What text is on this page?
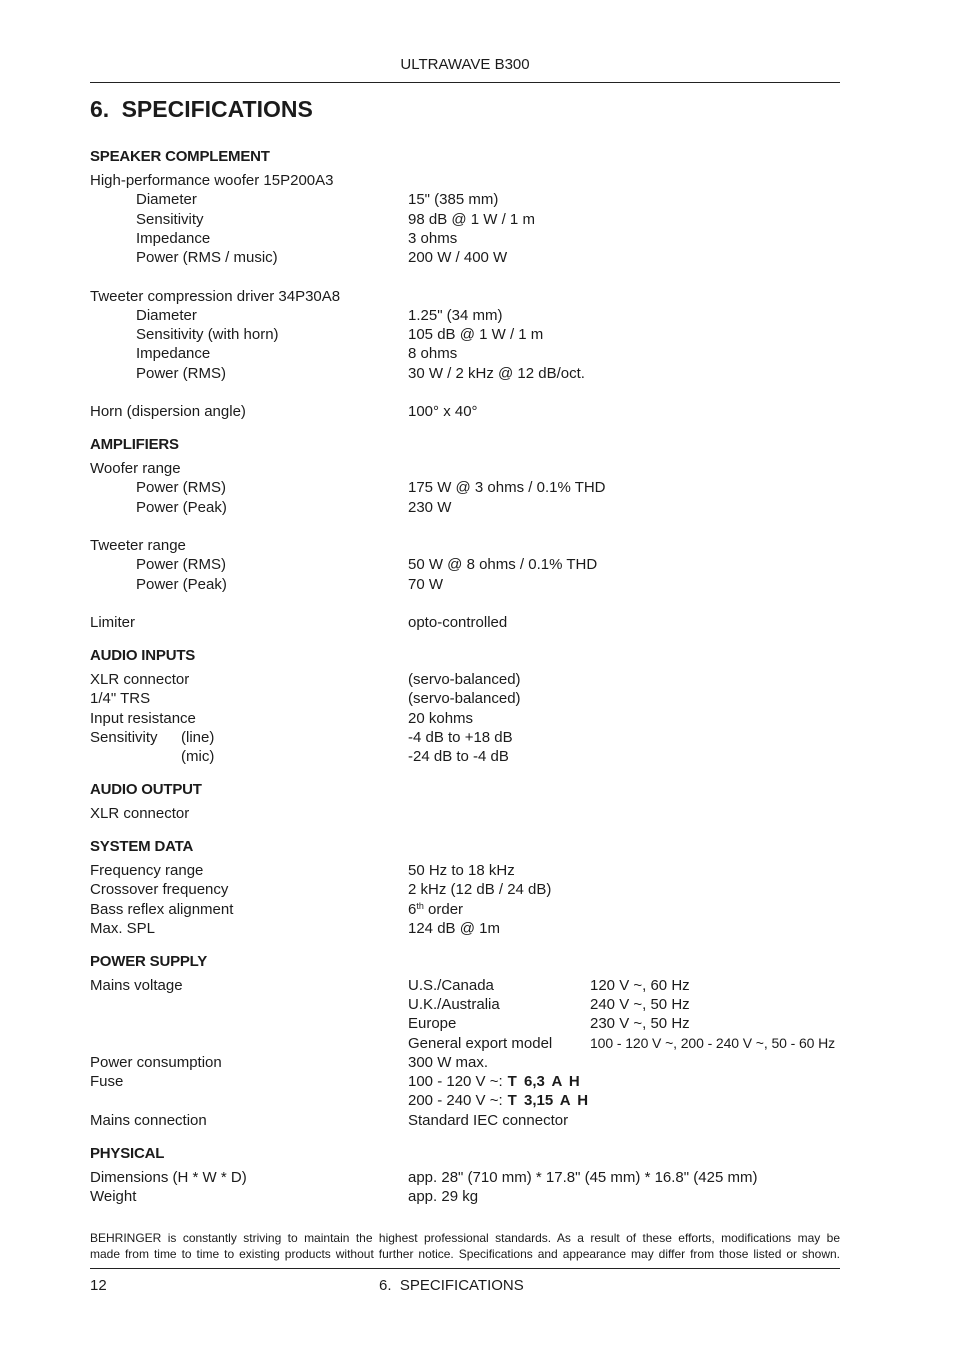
ULTRAWAVE B300
6. SPECIFICATIONS
SPEAKER COMPLEMENT
High-performance woofer 15P200A3
Diameter	15" (385 mm)
Sensitivity	98 dB @ 1 W / 1 m
Impedance	3 ohms
Power (RMS / music)	200 W / 400 W
Tweeter compression driver 34P30A8
Diameter	1.25" (34 mm)
Sensitivity (with horn)	105 dB @ 1 W / 1 m
Impedance	8 ohms
Power (RMS)	30 W / 2 kHz @ 12 dB/oct.
Horn (dispersion angle)	100° x 40°
AMPLIFIERS
Woofer range
Power (RMS)	175 W @ 3 ohms / 0.1% THD
Power (Peak)	230 W
Tweeter range
Power (RMS)	50 W @ 8 ohms / 0.1% THD
Power (Peak)	70 W
Limiter	opto-controlled
AUDIO INPUTS
XLR connector	(servo-balanced)
1/4" TRS	(servo-balanced)
Input resistance	20 kohms
Sensitivity (line)	-4 dB to +18 dB
(mic)	-24 dB to -4 dB
AUDIO OUTPUT
XLR connector
SYSTEM DATA
Frequency range	50 Hz to 18 kHz
Crossover frequency	2 kHz (12 dB / 24 dB)
Bass reflex alignment	6th order
Max. SPL	124 dB @ 1m
POWER SUPPLY
Mains voltage	U.S./Canada	120 V ~, 60 Hz
U.K./Australia	240 V ~, 50 Hz
Europe	230 V ~, 50 Hz
General export model	100 - 120 V ~, 200 - 240 V ~, 50 - 60 Hz
Power consumption	300 W max.
Fuse	100 - 120 V ~: T 6,3 A H
200 - 240 V ~: T 3,15 A H
Mains connection	Standard IEC connector
PHYSICAL
Dimensions (H * W * D)	app. 28" (710 mm) * 17.8" (45 mm) * 16.8" (425 mm)
Weight	app. 29 kg
BEHRINGER is constantly striving to maintain the highest professional standards. As a result of these efforts, modifications may be
made from time to time to existing products without further notice. Specifications and appearance may differ from those listed or shown.
12	6.  SPECIFICATIONS
